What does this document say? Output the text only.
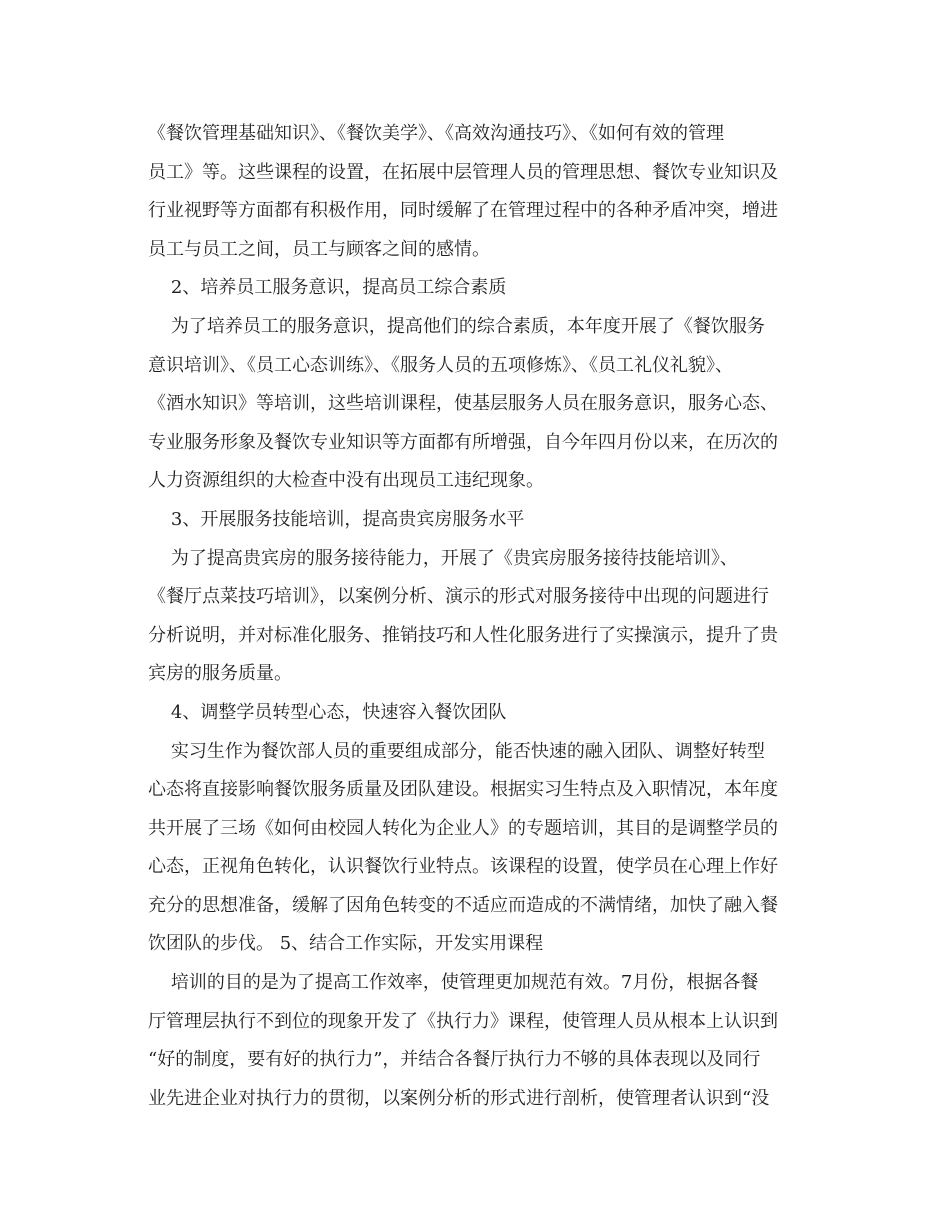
《餐饮管理基础知识》、《餐饮美学》、《高效沟通技巧》、《如何有效的管理
员工》等。这些课程的设置，在拓展中层管理人员的管理思想、餐饮专业知识及
行业视野等方面都有积极作用，同时缓解了在管理过程中的各种矛盾冲突，增进
员工与员工之间，员工与顾客之间的感情。
2、培养员工服务意识，提高员工综合素质
为了培养员工的服务意识，提高他们的综合素质，本年度开展了《餐饮服务
意识培训》、《员工心态训练》、《服务人员的五项修炼》、《员工礼仪礼貌》、
《酒水知识》等培训，这些培训课程，使基层服务人员在服务意识，服务心态、
专业服务形象及餐饮专业知识等方面都有所增强，自今年四月份以来，在历次的
人力资源组织的大检查中没有出现员工违纪现象。
3、开展服务技能培训，提高贵宾房服务水平
为了提高贵宾房的服务接待能力，开展了《贵宾房服务接待技能培训》、
《餐厅点菜技巧培训》，以案例分析、演示的形式对服务接待中出现的问题进行
分析说明，并对标准化服务、推销技巧和人性化服务进行了实操演示，提升了贵
宾房的服务质量。
4、调整学员转型心态，快速容入餐饮团队
实习生作为餐饮部人员的重要组成部分，能否快速的融入团队、调整好转型
心态将直接影响餐饮服务质量及团队建设。根据实习生特点及入职情况，本年度
共开展了三场《如何由校园人转化为企业人》的专题培训，其目的是调整学员的
心态，正视角色转化，认识餐饮行业特点。该课程的设置，使学员在心理上作好
充分的思想准备，缓解了因角色转变的不适应而造成的不满情绪，加快了融入餐
饮团队的步伐。 5、结合工作实际，开发实用课程
培训的目的是为了提高工作效率，使管理更加规范有效。7月份，根据各餐
厅管理层执行不到位的现象开发了《执行力》课程，使管理人员从根本上认识到
“好的制度，要有好的执行力”，并结合各餐厅执行力不够的具体表现以及同行
业先进企业对执行力的贯彻，以案例分析的形式进行剖析，使管理者认识到“没
